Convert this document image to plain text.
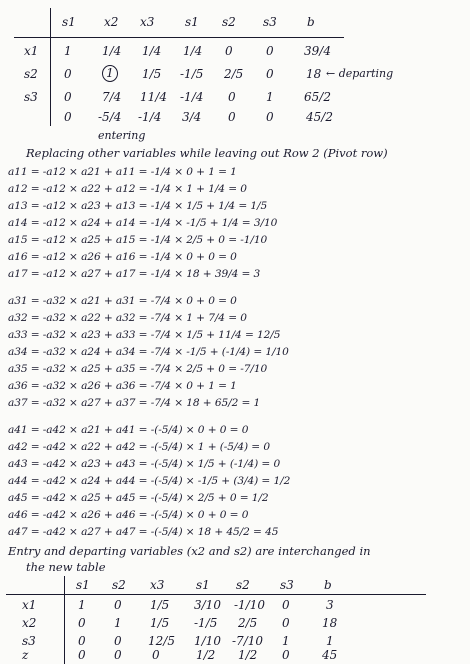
s1 x2 x3	s1 s2 s3	b
x1 1	1/4 1/4 1/4 0	0	39/4
s2 0	1	1/5 -1/5 2/5 0	18 ← departing
s3 0	7/4 11/4 -1/4 0	1	65/2
0 -5/4 -1/4 3/4 0	0	45/2
entering
Replacing other variables while leaving out Row 2 (Pivot row)
a11 = -a12 × a21 + a11 = -1/4 × 0 + 1 = 1
a12 = -a12 × a22 + a12 = -1/4 × 1 + 1/4 = 0
a13 = -a12 × a23 + a13 = -1/4 × 1/5 + 1/4 = 1/5
a14 = -a12 × a24 + a14 = -1/4 × -1/5 + 1/4 = 3/10
a15 = -a12 × a25 + a15 = -1/4 × 2/5 + 0 = -1/10
a16 = -a12 × a26 + a16 = -1/4 × 0 + 0 = 0
a17 = -a12 × a27 + a17 = -1/4 × 18 + 39/4 = 3
a31 = -a32 × a21 + a31 = -7/4 × 0 + 0 = 0
a32 = -a32 × a22 + a32 = -7/4 × 1 + 7/4 = 0
a33 = -a32 × a23 + a33 = -7/4 × 1/5 + 11/4 = 12/5
a34 = -a32 × a24 + a34 = -7/4 × -1/5 + (-1/4) = 1/10
a35 = -a32 × a25 + a35 = -7/4 × 2/5 + 0 = -7/10
a36 = -a32 × a26 + a36 = -7/4 × 0 + 1 = 1
a37 = -a32 × a27 + a37 = -7/4 × 18 + 65/2 = 1
a41 = -a42 × a21 + a41 = -(-5/4) × 0 + 0 = 0
a42 = -a42 × a22 + a42 = -(-5/4) × 1 + (-5/4) = 0
a43 = -a42 × a23 + a43 = -(-5/4) × 1/5 + (-1/4) = 0
a44 = -a42 × a24 + a44 = -(-5/4) × -1/5 + (3/4) = 1/2
a45 = -a42 × a25 + a45 = -(-5/4) × 2/5 + 0 = 1/2
a46 = -a42 × a26 + a46 = -(-5/4) × 0 + 0 = 0
a47 = -a42 × a27 + a47 = -(-5/4) × 18 + 45/2 = 45
Entry and departing variables (x2 and s2) are interchanged in
the new table
s1 s2 x3	s1 s2	s3	b
x1	1 0 1/5 3/10 -1/10 0	3
x2	0 1 1/5 -1/5 2/5 0	18
s3	0 0 12/5 1/10 -7/10 1	1
z	0 0	0	1/2 1/2 0	45
